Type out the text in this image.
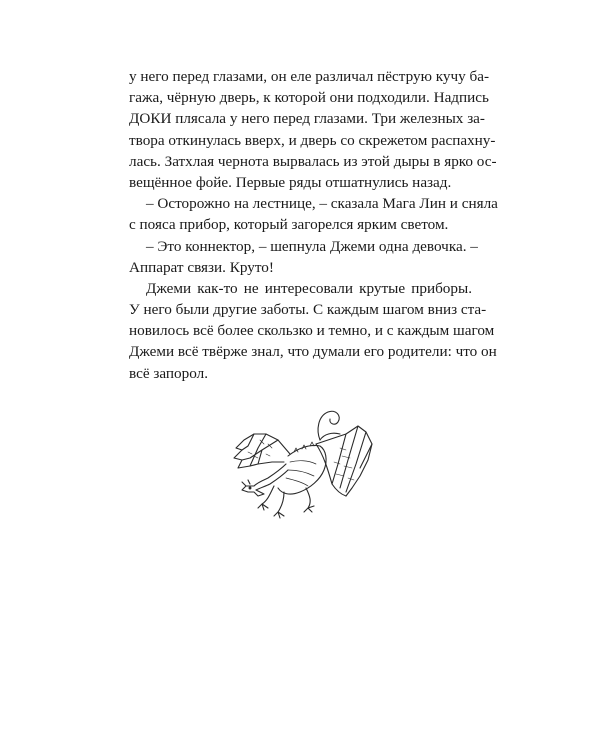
у него перед глазами, он еле различал пёструю кучу ба-
гажа, чёрную дверь, к которой они подходили. Надпись
ДОКИ плясала у него перед глазами. Три железных за-
твора откинулась вверх, и дверь со скрежетом распахну-
лась. Затхлая чернота вырвалась из этой дыры в ярко ос-
вещённое фойе. Первые ряды отшатнулись назад.
– Осторожно на лестнице, – сказала Мага Лин и сняла
с пояса прибор, который загорелся ярким светом.
– Это коннектор, – шепнула Джеми одна девочка. –
Аппарат связи. Круто!
Джеми как-то не интересовали крутые приборы.
У него были другие заботы. С каждым шагом вниз ста-
новилось всё более скользко и темно, и с каждым шагом
Джеми всё твёрже знал, что думали его родители: что он
всё запорол.
